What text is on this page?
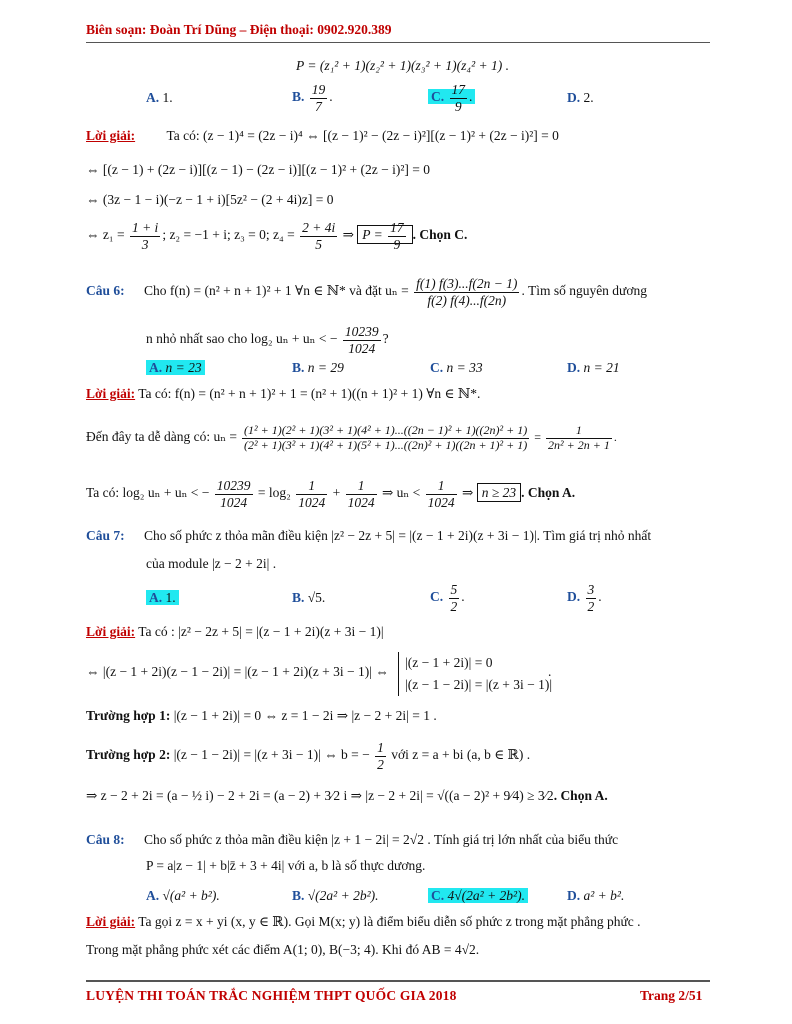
Biên soạn: Đoàn Trí Dũng – Điện thoại: 0902.920.389
P = (z₁² + 1)(z₂² + 1)(z₃² + 1)(z₄² + 1) .
A. 1.	B. $\frac{19}{7}$ .	C. $\frac{17}{9}$ .	D. 2.
Lời giải: Ta có: (z − 1)⁴ = (2z − i)⁴ ⇔ [(z − 1)² − (2z − i)²][(z − 1)² + (2z − i)²] = 0
⇔ [(z − 1) + (2z − i)][(z − 1) − (2z − i)][(z − 1)² + (2z − i)²] = 0
⇔ (3z − 1 − i)(−z − 1 + i)[5z² − (2 + 4i)z] = 0
⇔ $z_1 = \frac{1 + i}{3}$ ; z₂ = −1 + i; z₃ = 0; $z_4 = \frac{2 + 4i}{5}$ ⇒ $P = \frac{17}{9}$ . Chọn C.
Câu 6: Cho f(n) = (n² + n + 1)² + 1 ∀n ∈ ℕ* và đặt $u_n = \frac{f(1) f(3)...f(2n - 1)}{f(2) f(4)...f(2n)}$ . Tìm số nguyên dương
n nhỏ nhất sao cho log₂ uₙ + uₙ < − $\frac{10239}{1024}$ ?
A. n = 23	B. n = 29	C. n = 33	D. n = 21
Lời giải: Ta có: f(n) = (n² + n + 1)² + 1 = (n² + 1)((n + 1)² + 1) ∀n ∈ ℕ*.
Đến đây ta dễ dàng có: uₙ = (1² + 1)(2² + 1)(3² + 1)(4² + 1)...((2n − 1)² + 1)((2n)² + 1)
(2² + 1)(3² + 1)(4² + 1)(5² + 1)...((2n)² + 1)((2n + 1)² + 1)
= $\frac{1}{\text{2n² + 2n + 1}}$ .
Ta có: log₂ uₙ + uₙ < − $\frac{10239}{1024} = \log_2 \frac{1}{1024} + \frac{1}{1024}$ ⇒ $u_n < \frac{1}{1024}$ ⇒ n ≥ 23 . Chọn A.
Câu 7: Cho số phức z thỏa mãn điều kiện |z² − 2z + 5| = |(z − 1 + 2i)(z + 3i − 1)|. Tìm giá trị nhỏ nhất
của module |z − 2 + 2i| .
A. 1.	B. √5.	C. $\frac{5}{2}$ .	D. $\frac{3}{2}$ .
Lời giải: Ta có : |z² − 2z + 5| = |(z − 1 + 2i)(z + 3i − 1)|
⇔ |(z − 1 + 2i)(z − 1 − 2i)| = |(z − 1 + 2i)(z + 3i − 1)| ⇔
|(z − 1 + 2i)| = 0
|(z − 1 − 2i)| = |(z + 3i − 1)|
.
Trường hợp 1: |(z − 1 + 2i)| = 0 ⇔ z = 1 − 2i ⇒ |z − 2 + 2i| = 1 .
Trường hợp 2: |(z − 1 − 2i)| = |(z + 3i − 1)| ⇔ b = − $\frac{1}{2}$ với z = a + bi (a, b ∈ ℝ) .
⇒ z − 2 + 2i = (a − ½ i) − 2 + 2i = (a − 2) + 3⁄2 i ⇒ |z − 2 + 2i| = √((a − 2)² + 9⁄4) ≥ 3⁄2. Chọn A.
Câu 8: Cho số phức z thỏa mãn điều kiện |z + 1 − 2i| = 2√2 . Tính giá trị lớn nhất của biểu thức
P = a|z − 1| + b|z̄ + 3 + 4i| với a, b là số thực dương.
A. √(a² + b²).	B. √(2a² + 2b²).	C. 4√(2a² + 2b²).	D. a² + b².
Lời giải: Ta gọi z = x + yi (x, y ∈ ℝ). Gọi M(x; y) là điểm biểu diễn số phức z trong mặt phẳng phức .
Trong mặt phẳng phức xét các điểm A(1; 0), B(−3; 4). Khi đó AB = 4√2.
LUYỆN THI TOÁN TRẮC NGHIỆM THPT QUỐC GIA 2018	Trang 2/51
